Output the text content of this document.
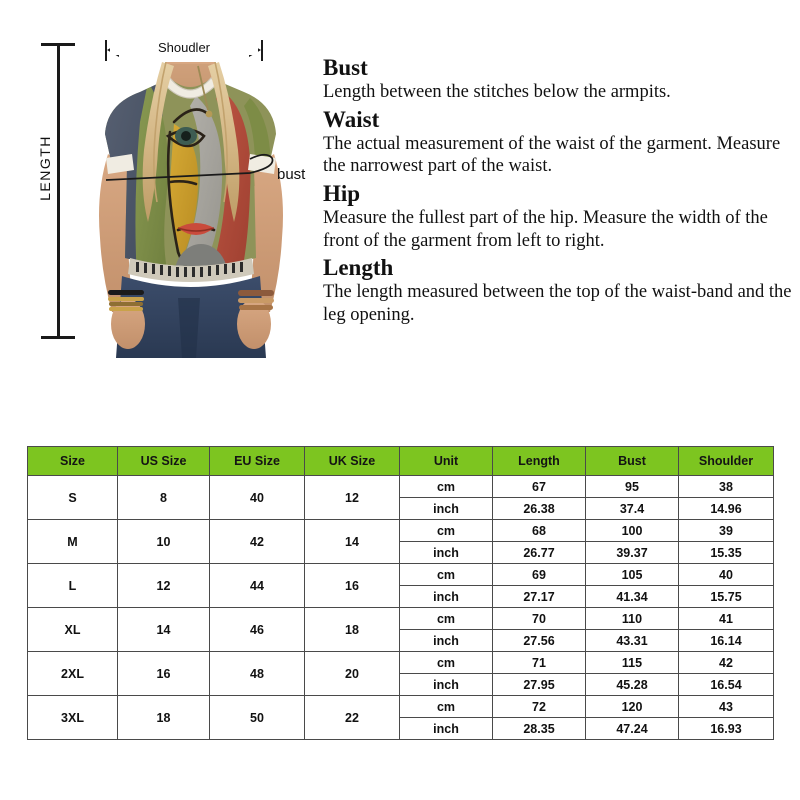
LENGTH
Shoudler
bust

Bust

Length between the stitches below the armpits.

Waist

The actual measurement of the waist of the garment. Measure the narrowest part of the waist.

Hip

Measure the fullest part of the hip. Measure the width of the front of the garment from left to right.

Length

The length measured between the top of the waist-band and the leg opening.

Size	US Size	EU Size	UK Size	Unit	Length	Bust	Shoulder
S	8	40	12	cm	67	95	38
				inch	26.38	37.4	14.96
M	10	42	14	cm	68	100	39
				inch	26.77	39.37	15.35
L	12	44	16	cm	69	105	40
				inch	27.17	41.34	15.75
XL	14	46	18	cm	70	110	41
				inch	27.56	43.31	16.14
2XL	16	48	20	cm	71	115	42
				inch	27.95	45.28	16.54
3XL	18	50	22	cm	72	120	43
				inch	28.35	47.24	16.93
